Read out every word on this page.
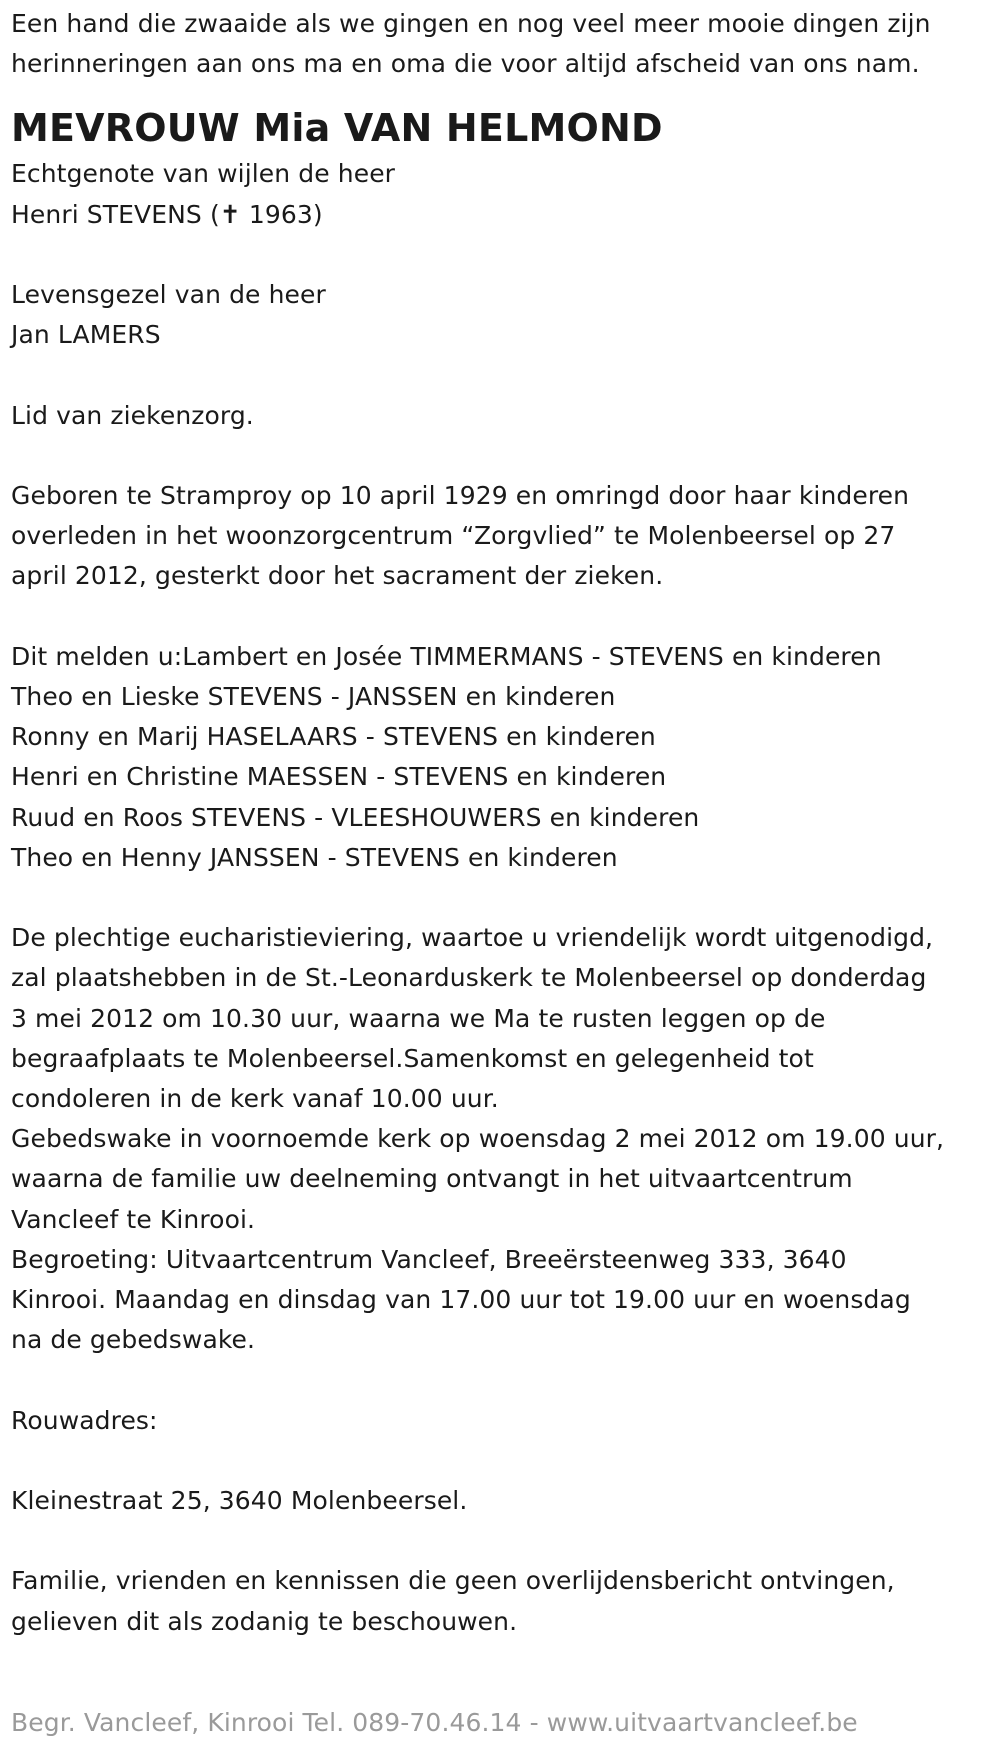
Een hand die zwaaide als we gingen en nog veel meer mooie dingen zijn
herinneringen aan ons ma en oma die voor altijd afscheid van ons nam.
MEVROUW Mia VAN HELMOND
Echtgenote van wijlen de heer
Henri STEVENS (✝ 1963)
Levensgezel van de heer
Jan LAMERS
Lid van ziekenzorg.
Geboren te Stramproy op 10 april 1929 en omringd door haar kinderen
overleden in het woonzorgcentrum “Zorgvlied” te Molenbeersel op 27
april 2012, gesterkt door het sacrament der zieken.
Dit melden u:Lambert en Josée TIMMERMANS - STEVENS en kinderen
Theo en Lieske STEVENS - JANSSEN en kinderen
Ronny en Marij HASELAARS - STEVENS en kinderen
Henri en Christine MAESSEN - STEVENS en kinderen
Ruud en Roos STEVENS - VLEESHOUWERS en kinderen
Theo en Henny JANSSEN - STEVENS en kinderen
De plechtige eucharistieviering, waartoe u vriendelijk wordt uitgenodigd,
zal plaatshebben in de St.-Leonarduskerk te Molenbeersel op donderdag
3 mei 2012 om 10.30 uur, waarna we Ma te rusten leggen op de
begraafplaats te Molenbeersel.Samenkomst en gelegenheid tot
condoleren in de kerk vanaf 10.00 uur.
Gebedswake in voornoemde kerk op woensdag 2 mei 2012 om 19.00 uur,
waarna de familie uw deelneming ontvangt in het uitvaartcentrum
Vancleef te Kinrooi.
Begroeting: Uitvaartcentrum Vancleef, Breeërsteenweg 333, 3640
Kinrooi. Maandag en dinsdag van 17.00 uur tot 19.00 uur en woensdag
na de gebedswake.
Rouwadres:
Kleinestraat 25, 3640 Molenbeersel.
Familie, vrienden en kennissen die geen overlijdensbericht ontvingen,
gelieven dit als zodanig te beschouwen.
Begr. Vancleef, Kinrooi Tel. 089-70.46.14 - www.uitvaartvancleef.be
